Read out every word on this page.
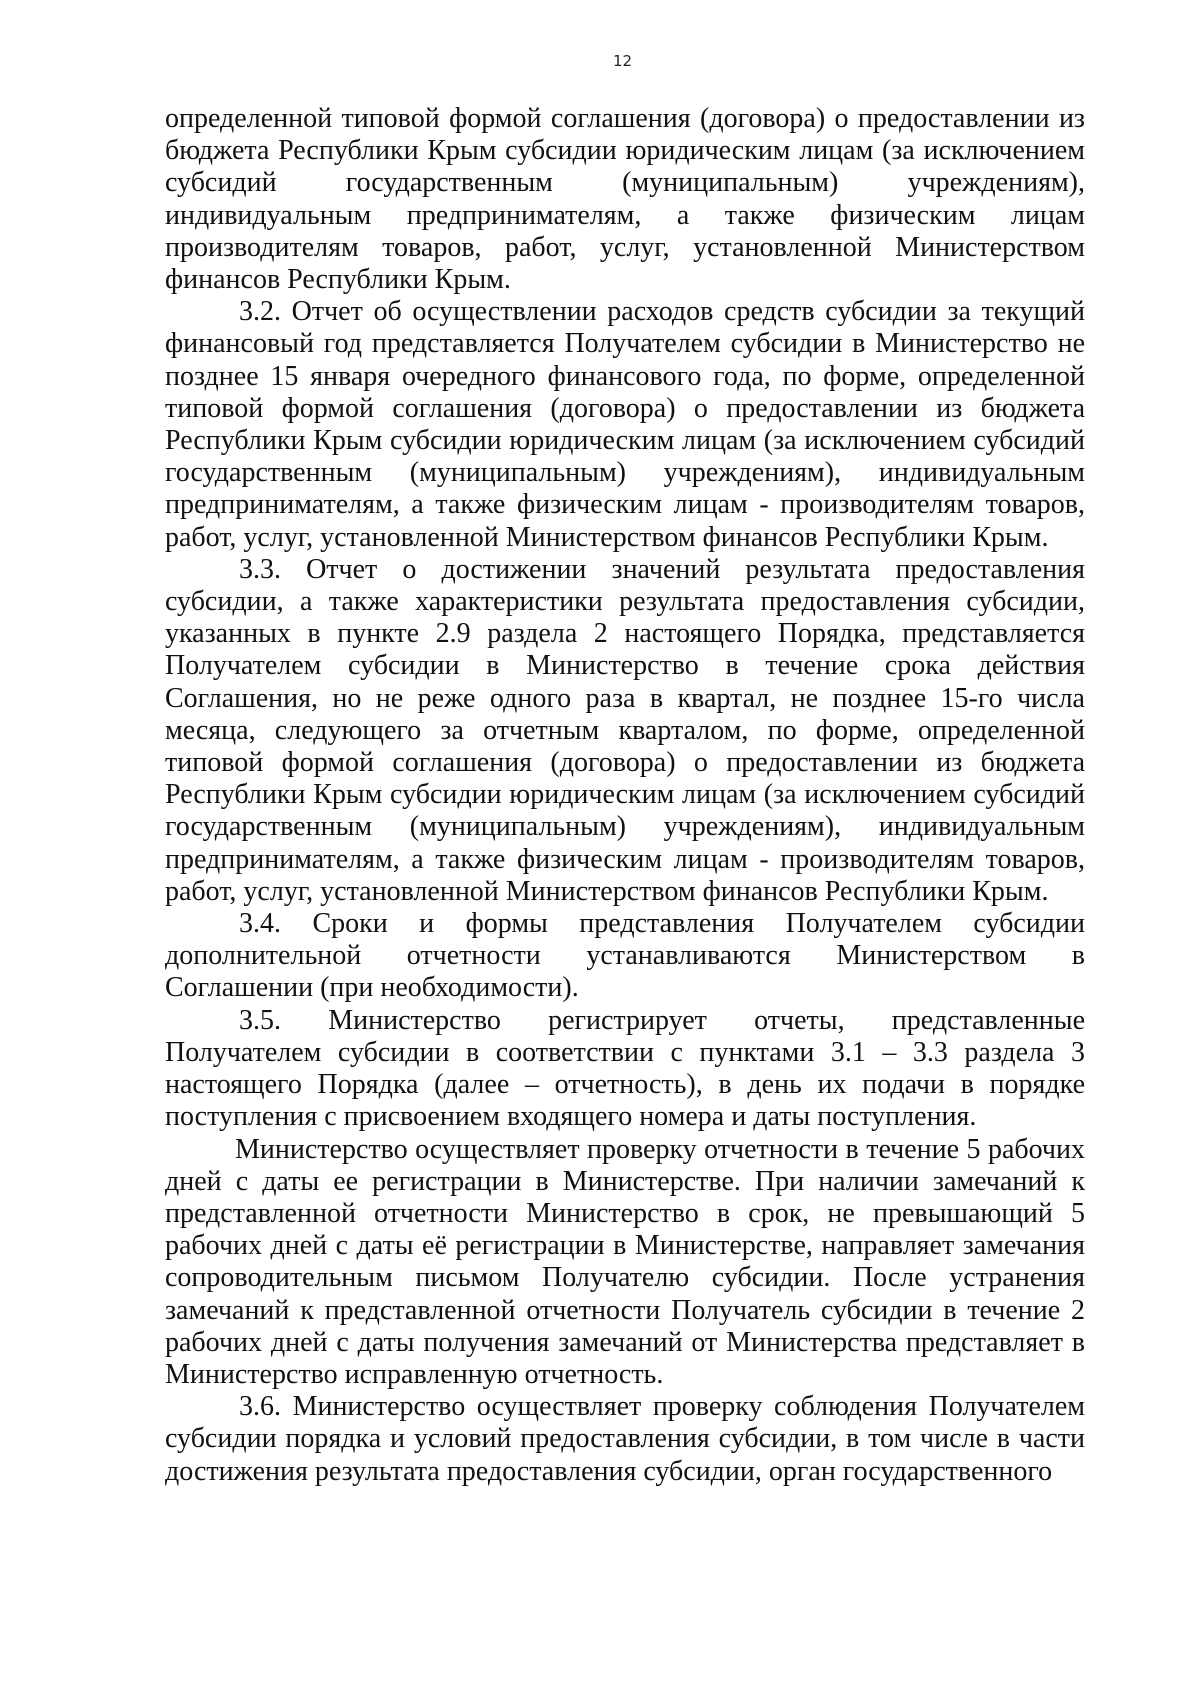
12

определенной типовой формой соглашения (договора) о предоставлении из бюджета Республики Крым субсидии юридическим лицам (за исключением субсидий государственным (муниципальным) учреждениям), индивидуальным предпринимателям, а также физическим лицам производителям товаров, работ, услуг, установленной Министерством финансов Республики Крым.

3.2. Отчет об осуществлении расходов средств субсидии за текущий финансовый год представляется Получателем субсидии в Министерство не позднее 15 января очередного финансового года, по форме, определенной типовой формой соглашения (договора) о предоставлении из бюджета Республики Крым субсидии юридическим лицам (за исключением субсидий государственным (муниципальным) учреждениям), индивидуальным предпринимателям, а также физическим лицам - производителям товаров, работ, услуг, установленной Министерством финансов Республики Крым.

3.3. Отчет о достижении значений результата предоставления субсидии, а также характеристики результата предоставления субсидии, указанных в пункте 2.9 раздела 2 настоящего Порядка, представляется Получателем субсидии в Министерство в течение срока действия Соглашения, но не реже одного раза в квартал, не позднее 15-го числа месяца, следующего за отчетным кварталом, по форме, определенной типовой формой соглашения (договора) о предоставлении из бюджета Республики Крым субсидии юридическим лицам (за исключением субсидий государственным (муниципальным) учреждениям), индивидуальным предпринимателям, а также физическим лицам - производителям товаров, работ, услуг, установленной Министерством финансов Республики Крым.

3.4. Сроки и формы представления Получателем субсидии дополнительной отчетности устанавливаются Министерством в Соглашении (при необходимости).

3.5. Министерство регистрирует отчеты, представленные Получателем субсидии в соответствии с пунктами 3.1 – 3.3 раздела 3 настоящего Порядка (далее – отчетность), в день их подачи в порядке поступления с присвоением входящего номера и даты поступления.

Министерство осуществляет проверку отчетности в течение 5 рабочих дней с даты ее регистрации в Министерстве. При наличии замечаний к представленной отчетности Министерство в срок, не превышающий 5 рабочих дней с даты её регистрации в Министерстве, направляет замечания сопроводительным письмом Получателю субсидии. После устранения замечаний к представленной отчетности Получатель субсидии в течение 2 рабочих дней с даты получения замечаний от Министерства представляет в Министерство исправленную отчетность.

3.6. Министерство осуществляет проверку соблюдения Получателем субсидии порядка и условий предоставления субсидии, в том числе в части достижения результата предоставления субсидии, орган государственного
